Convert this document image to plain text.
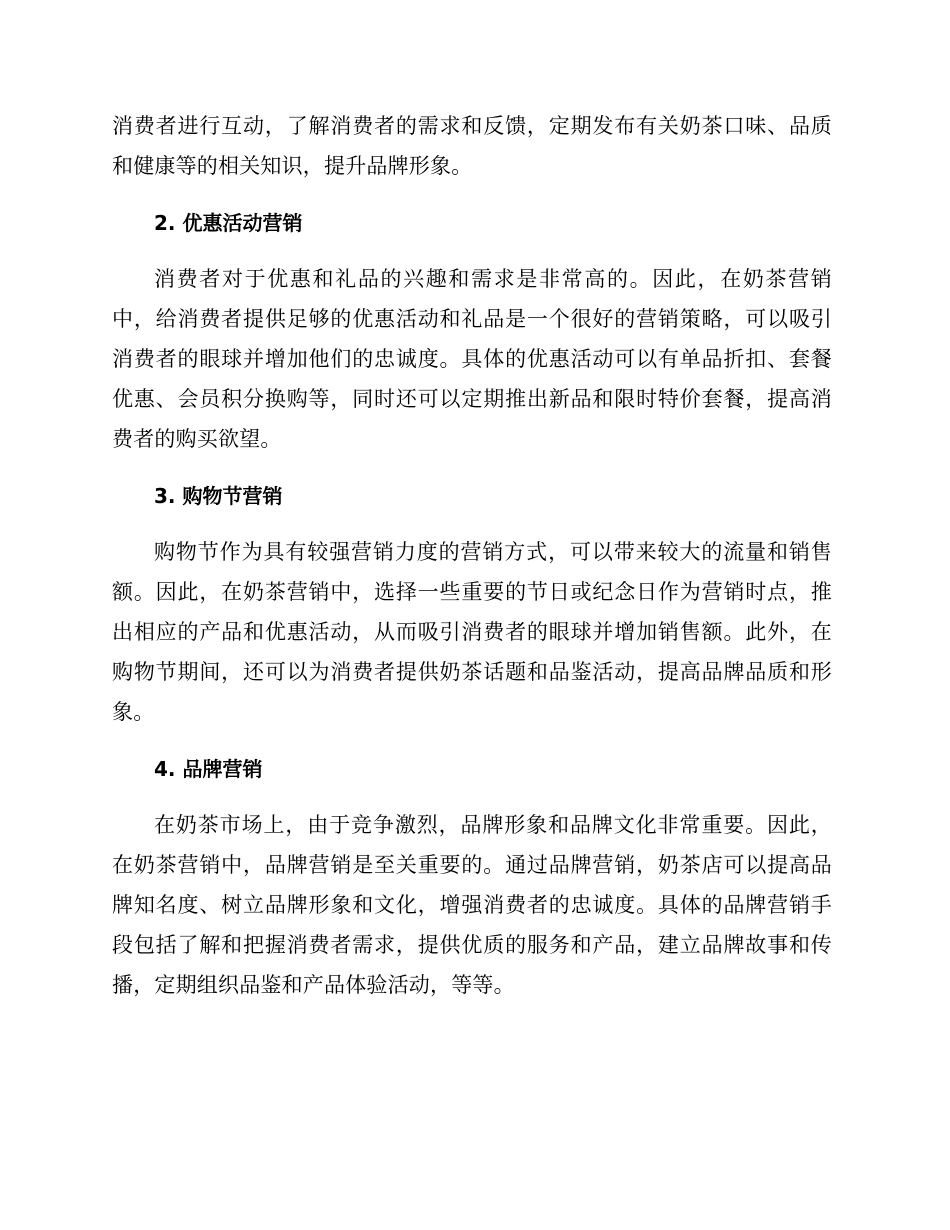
消费者进行互动，了解消费者的需求和反馈，定期发布有关奶茶口味、品质和健康等的相关知识，提升品牌形象。

2. 优惠活动营销

消费者对于优惠和礼品的兴趣和需求是非常高的。因此，在奶茶营销中，给消费者提供足够的优惠活动和礼品是一个很好的营销策略，可以吸引消费者的眼球并增加他们的忠诚度。具体的优惠活动可以有单品折扣、套餐优惠、会员积分换购等，同时还可以定期推出新品和限时特价套餐，提高消费者的购买欲望。

3. 购物节营销

购物节作为具有较强营销力度的营销方式，可以带来较大的流量和销售额。因此，在奶茶营销中，选择一些重要的节日或纪念日作为营销时点，推出相应的产品和优惠活动，从而吸引消费者的眼球并增加销售额。此外，在购物节期间，还可以为消费者提供奶茶话题和品鉴活动，提高品牌品质和形象。

4. 品牌营销

在奶茶市场上，由于竞争激烈，品牌形象和品牌文化非常重要。因此，在奶茶营销中，品牌营销是至关重要的。通过品牌营销，奶茶店可以提高品牌知名度、树立品牌形象和文化，增强消费者的忠诚度。具体的品牌营销手段包括了解和把握消费者需求，提供优质的服务和产品，建立品牌故事和传播，定期组织品鉴和产品体验活动，等等。
